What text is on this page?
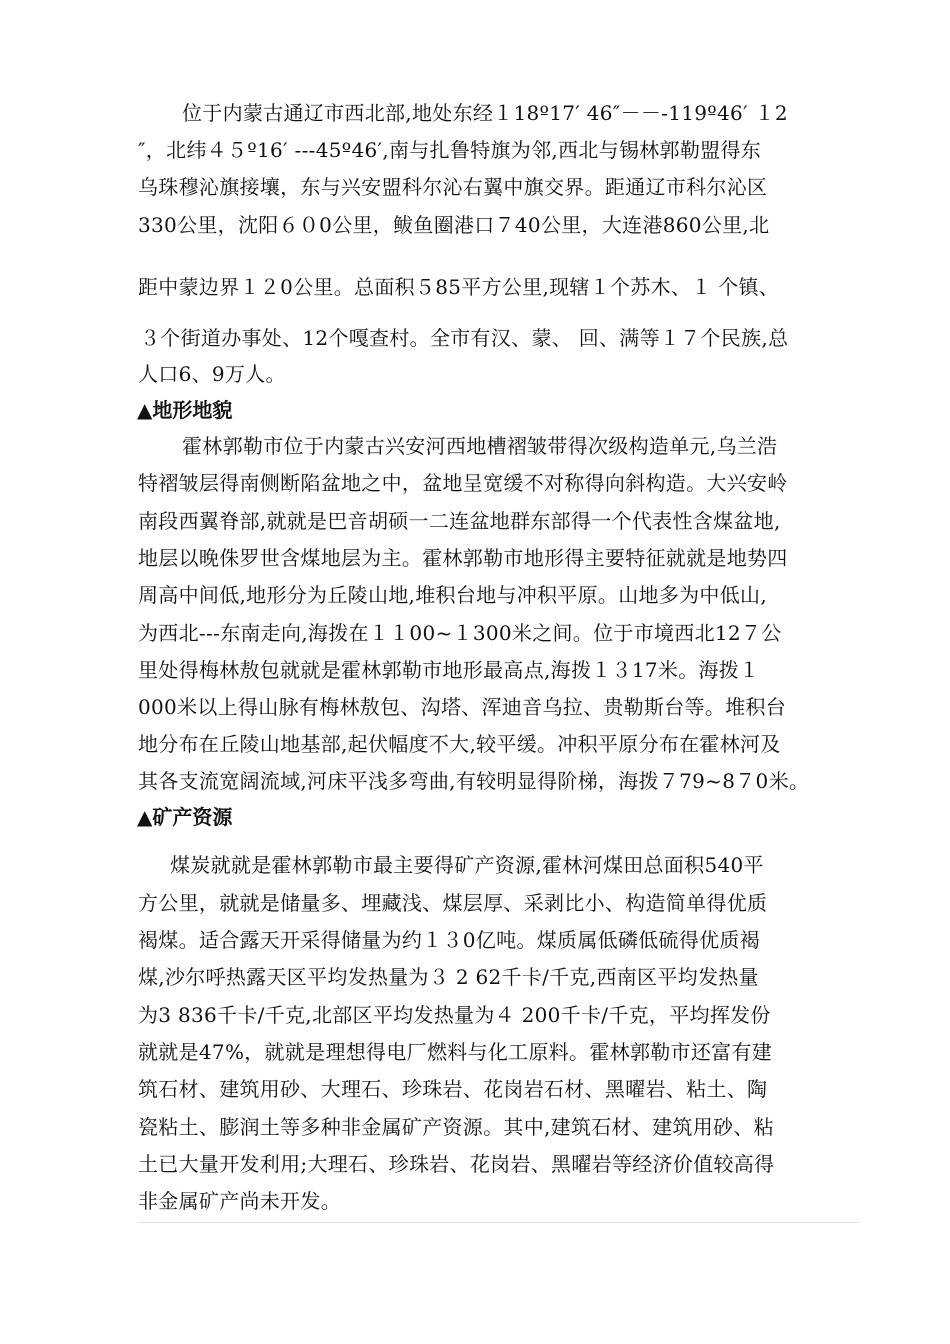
位于内蒙古通辽市西北部,地处东经１18º17′ 46″－－-119º46′ １2
″，北纬４５º16′ ---45º46′,南与扎鲁特旗为邻,西北与锡林郭勒盟得东
乌珠穆沁旗接壤，东与兴安盟科尔沁右翼中旗交界。距通辽市科尔沁区
330公里，沈阳６０0公里，鲅鱼圈港口７40公里，大连港860公里,北
距中蒙边界１２0公里。总面积５85平方公里,现辖１个苏木、１ 个镇、
３个街道办事处、12个嘎查村。全市有汉、蒙、 回、满等１７个民族,总
人口6、9万人。
▲地形地貌
霍林郭勒市位于内蒙古兴安河西地槽褶皱带得次级构造单元,乌兰浩
特褶皱层得南侧断陷盆地之中，盆地呈宽缓不对称得向斜构造。大兴安岭
南段西翼脊部,就就是巴音胡硕一二连盆地群东部得一个代表性含煤盆地,
地层以晚侏罗世含煤地层为主。霍林郭勒市地形得主要特征就就是地势四
周高中间低,地形分为丘陵山地,堆积台地与冲积平原。山地多为中低山,
为西北---东南走向,海拨在１１00~１300米之间。位于市境西北12７公
里处得梅林敖包就就是霍林郭勒市地形最高点,海拨１３17米。海拨１
000米以上得山脉有梅林敖包、沟塔、浑迪音乌拉、贵勒斯台等。堆积台
地分布在丘陵山地基部,起伏幅度不大,较平缓。冲积平原分布在霍林河及
其各支流宽阔流域,河床平浅多弯曲,有较明显得阶梯，海拨７79~8７0米。
▲矿产资源
煤炭就就是霍林郭勒市最主要得矿产资源,霍林河煤田总面积540平
方公里，就就是储量多、埋藏浅、煤层厚、采剥比小、构造简单得优质
褐煤。适合露天开采得储量为约１３0亿吨。煤质属低磷低硫得优质褐
煤,沙尔呼热露天区平均发热量为３ 2 62千卡/千克,西南区平均发热量
为3 836千卡/千克,北部区平均发热量为４ 200千卡/千克，平均挥发份
就就是47%，就就是理想得电厂燃料与化工原料。霍林郭勒市还富有建
筑石材、建筑用砂、大理石、珍珠岩、花岗岩石材、黑曜岩、粘土、陶
瓷粘土、膨润土等多种非金属矿产资源。其中,建筑石材、建筑用砂、粘
土已大量开发利用;大理石、珍珠岩、花岗岩、黑曜岩等经济价值较高得
非金属矿产尚未开发。
